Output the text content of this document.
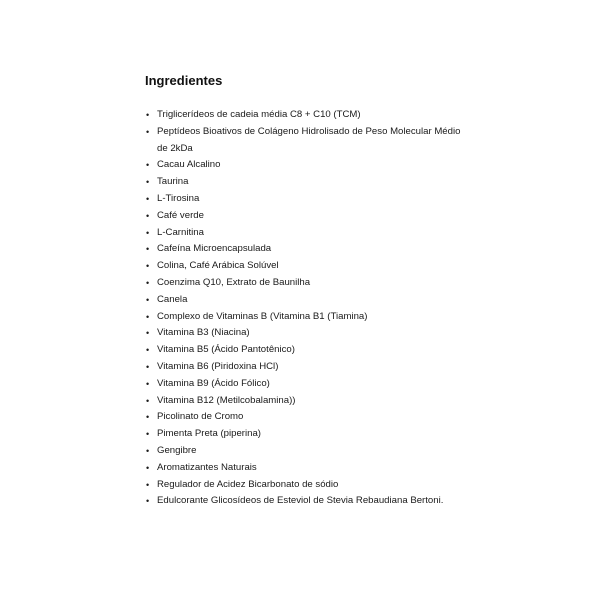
Ingredientes
• Triglicerídeos de cadeia média C8 + C10 (TCM)
• Peptídeos Bioativos de Colágeno Hidrolisado de Peso Molecular Médio de 2kDa
• Cacau Alcalino
• Taurina
• L-Tirosina
• Café verde
• L-Carnitina
• Cafeína Microencapsulada
• Colina, Café Arábica Solúvel
• Coenzima Q10, Extrato de Baunilha
• Canela
• Complexo de Vitaminas B (Vitamina B1 (Tiamina)
• Vitamina B3 (Niacina)
• Vitamina B5 (Ácido Pantotênico)
• Vitamina B6 (Piridoxina HCl)
• Vitamina B9 (Ácido Fólico)
• Vitamina B12 (Metilcobalamina))
• Picolinato de Cromo
• Pimenta Preta (piperina)
• Gengibre
• Aromatizantes Naturais
• Regulador de Acidez Bicarbonato de sódio
• Edulcorante Glicosídeos de Esteviol de Stevia Rebaudiana Bertoni.
